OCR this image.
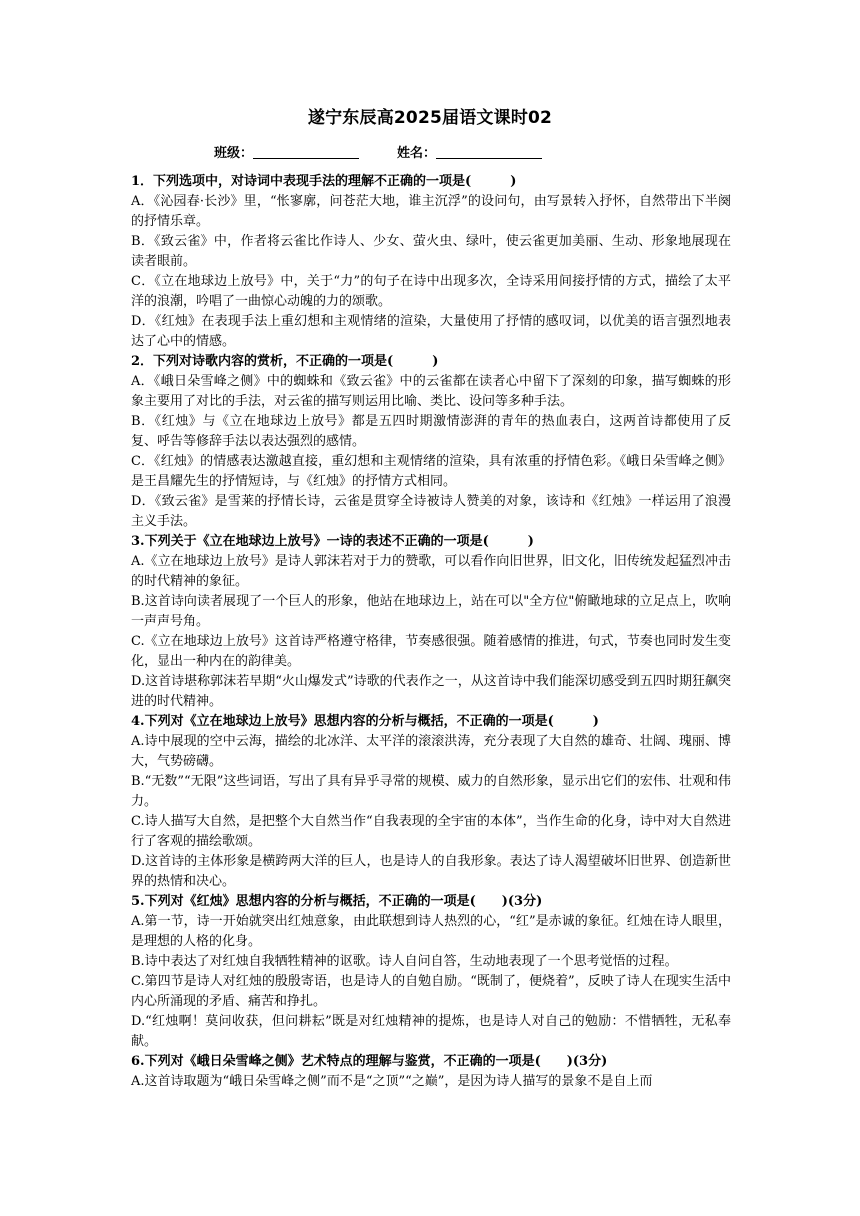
遂宁东辰高2025届语文课时02
班级：	姓名：

1．下列选项中，对诗词中表现手法的理解不正确的一项是(　　　)

A．《沁园春·长沙》里，“怅寥廓，问苍茫大地，谁主沉浮”的设问句，由写景转入抒怀，自然带出下半阕的抒情乐章。

B．《致云雀》中，作者将云雀比作诗人、少女、萤火虫、绿叶，使云雀更加美丽、生动、形象地展现在读者眼前。

C．《立在地球边上放号》中，关于“力”的句子在诗中出现多次，全诗采用间接抒情的方式，描绘了太平洋的浪潮，吟唱了一曲惊心动魄的力的颂歌。

D．《红烛》在表现手法上重幻想和主观情绪的渲染，大量使用了抒情的感叹词，以优美的语言强烈地表达了心中的情感。

2．下列对诗歌内容的赏析，不正确的一项是(　　　)

A．《峨日朵雪峰之侧》中的蜘蛛和《致云雀》中的云雀都在读者心中留下了深刻的印象，描写蜘蛛的形象主要用了对比的手法，对云雀的描写则运用比喻、类比、设问等多种手法。

B．《红烛》与《立在地球边上放号》都是五四时期激情澎湃的青年的热血表白，这两首诗都使用了反复、呼告等修辞手法以表达强烈的感情。

C．《红烛》的情感表达激越直接，重幻想和主观情绪的渲染，具有浓重的抒情色彩。《峨日朵雪峰之侧》是王昌耀先生的抒情短诗，与《红烛》的抒情方式相同。

D．《致云雀》是雪莱的抒情长诗，云雀是贯穿全诗被诗人赞美的对象，该诗和《红烛》一样运用了浪漫主义手法。

3.下列关于《立在地球边上放号》一诗的表述不正确的一项是(　　　)

A.《立在地球边上放号》是诗人郭沫若对于力的赞歌，可以看作向旧世界，旧文化，旧传统发起猛烈冲击的时代精神的象征。

B.这首诗向读者展现了一个巨人的形象，他站在地球边上，站在可以"全方位"俯瞰地球的立足点上，吹响一声声号角。

C.《立在地球边上放号》这首诗严格遵守格律，节奏感很强。随着感情的推进，句式，节奏也同时发生变化，显出一种内在的韵律美。

D.这首诗堪称郭沫若早期“火山爆发式”诗歌的代表作之一，从这首诗中我们能深切感受到五四时期狂飙突进的时代精神。

4.下列对《立在地球边上放号》思想内容的分析与概括，不正确的一项是(　　　)

A.诗中展现的空中云海，描绘的北冰洋、太平洋的滚滚洪涛，充分表现了大自然的雄奇、壮阔、瑰丽、博大，气势磅礴。

B.“无数”“无限”这些词语，写出了具有异乎寻常的规模、威力的自然形象，显示出它们的宏伟、壮观和伟力。

C.诗人描写大自然，是把整个大自然当作“自我表现的全宇宙的本体”，当作生命的化身，诗中对大自然进行了客观的描绘歌颂。

D.这首诗的主体形象是横跨两大洋的巨人，也是诗人的自我形象。表达了诗人渴望破坏旧世界、创造新世界的热情和决心。

5.下列对《红烛》思想内容的分析与概括，不正确的一项是(　　)(3分)

A.第一节，诗一开始就突出红烛意象，由此联想到诗人热烈的心，“红”是赤诚的象征。红烛在诗人眼里，是理想的人格的化身。

B.诗中表达了对红烛自我牺牲精神的讴歌。诗人自问自答，生动地表现了一个思考觉悟的过程。

C.第四节是诗人对红烛的殷殷寄语，也是诗人的自勉自励。“既制了，便烧着”，反映了诗人在现实生活中内心所涌现的矛盾、痛苦和挣扎。

D.“红烛啊！莫问收获，但问耕耘”既是对红烛精神的提炼，也是诗人对自己的勉励：不惜牺牲，无私奉献。

6.下列对《峨日朵雪峰之侧》艺术特点的理解与鉴赏，不正确的一项是(　　)(3分)

A.这首诗取题为“峨日朵雪峰之侧”而不是“之顶”“之巅”，是因为诗人描写的景象不是自上而
